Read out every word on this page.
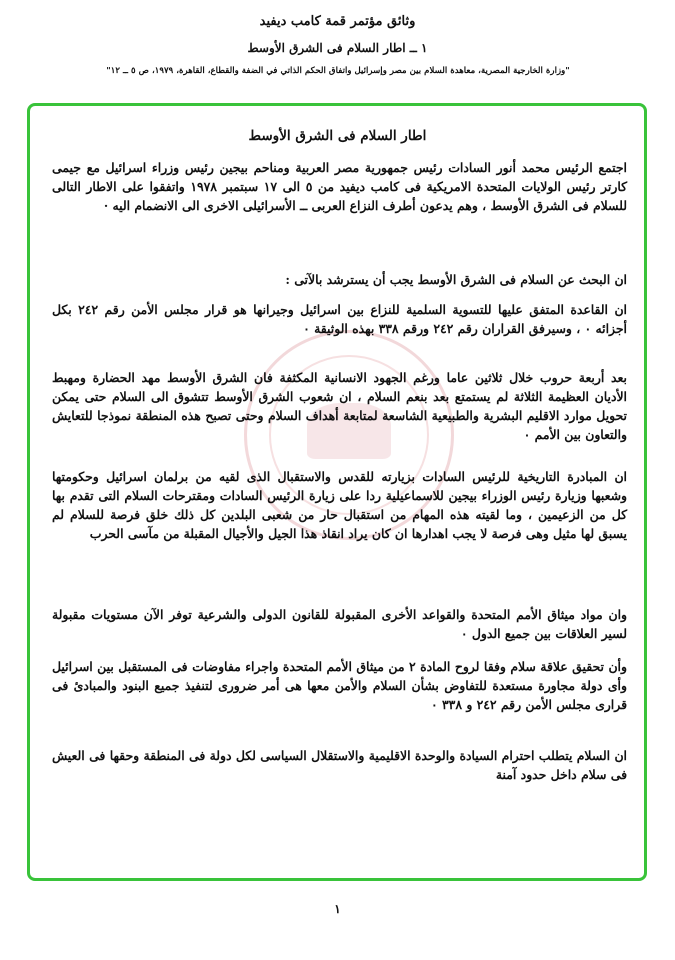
وثائق مؤتمر قمة كامب ديفيد
١ ــ اطار السلام فى الشرق الأوسط
"وزارة الخارجية المصرية، معاهدة السلام بين مصر وإسرائيل واتفاق الحكم الذاتي في الضفة والقطاع، القاهرة، ١٩٧٩، ص ٥ ــ ١٢"
اطار السلام فى الشرق الأوسط

اجتمع الرئيس محمد أنور السادات رئيس جمهورية مصر العربية ومناحم بيجين رئيس وزراء اسرائيل مع جيمى كارتر رئيس الولايات المتحدة الامريكية فى كامب ديفيد من ٥ الى ١٧ سبتمبر ١٩٧٨ واتفقوا على الاطار التالى للسلام فى الشرق الأوسط ، وهم يدعون أطرف النزاع العربى ــ الأسرائيلى الاخرى الى الانضمام اليه ·

ان البحث عن السلام فى الشرق الأوسط يجب أن يسترشد بالآتى :

ان القاعدة المتفق عليها للتسوية السلمية للنزاع بين اسرائيل وجيرانها هو قرار مجلس الأمن رقم ٢٤٢ بكل أجزائه ٠ ، وسيرفق القراران رقم ٢٤٢ ورقم ٣٣٨ بهذه الوثيقة ٠

بعد أربعة حروب خلال ثلاثين عاما ورغم الجهود الانسانية المكثفة فان الشرق الأوسط مهد الحضارة ومهبط الأديان العظيمة الثلاثة لم يستمتع بعد بنعم السلام ، ان شعوب الشرق الأوسط تتشوق الى السلام حتى يمكن تحويل موارد الاقليم البشرية والطبيعية الشاسعة لمتابعة أهداف السلام وحتى تصبح هذه المنطقة نموذجا للتعايش والتعاون بين الأمم ٠

ان المبادرة التاريخية للرئيس السادات بزيارته للقدس والاستقبال الذى لقيه من برلمان اسرائيل وحكومتها وشعبها وزيارة رئيس الوزراء بيجين للاسماعيلية ردا على زيارة الرئيس السادات ومقترحات السلام التى تقدم بها كل من الزعيمين ، وما لقيته هذه المهام من استقبال حار من شعبى البلدين كل ذلك خلق فرصة للسلام لم يسبق لها مثيل وهى فرصة لا يجب اهدارها ان كان يراد انقاذ هذا الجيل والأجيال المقبلة من مآسى الحرب

وان مواد ميثاق الأمم المتحدة والقواعد الأخرى المقبولة للقانون الدولى والشرعية توفر الآن مستويات مقبولة لسير العلاقات بين جميع الدول ٠

وأن تحقيق علاقة سلام وفقا لروح المادة ٢ من ميثاق الأمم المتحدة واجراء مفاوضات فى المستقبل بين اسرائيل وأى دولة مجاورة مستعدة للتفاوض بشأن السلام والأمن معها هى أمر ضرورى لتنفيذ جميع البنود والمبادئ فى قرارى مجلس الأمن رقم ٢٤٢ و ٣٣٨ ٠

ان السلام يتطلب احترام السيادة والوحدة الاقليمية والاستقلال السياسى لكل دولة فى المنطقة وحقها فى العيش فى سلام داخل حدود آمنة

١
